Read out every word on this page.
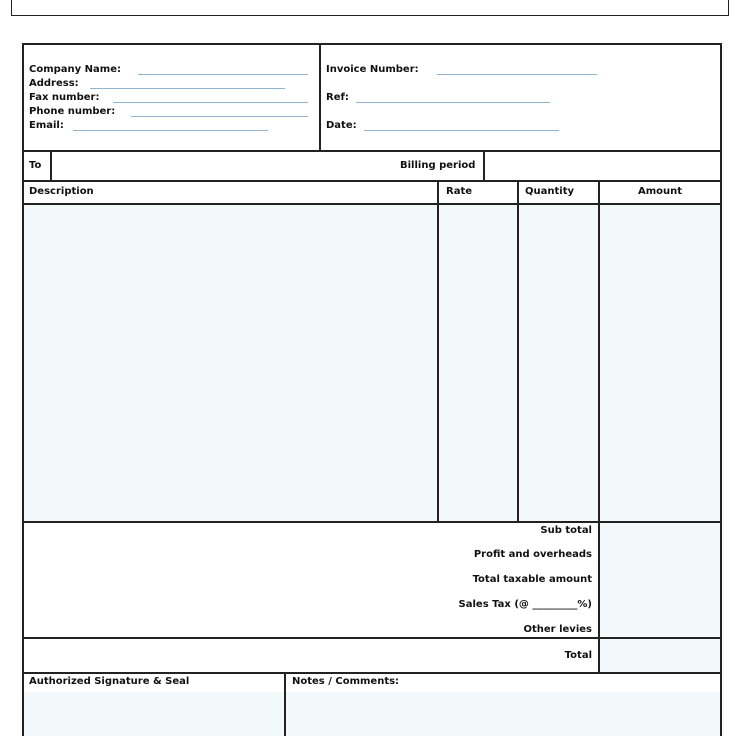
Company Name:
Address:
Fax number:
Phone number:
Email:
Invoice Number:
Ref:
Date:
To	Billing period
Description	Rate	Quantity	Amount
Sub total
Profit and overheads
Total taxable amount
Sales Tax (@ _________%)
Other levies
Total
Authorized Signature & Seal	Notes / Comments:
